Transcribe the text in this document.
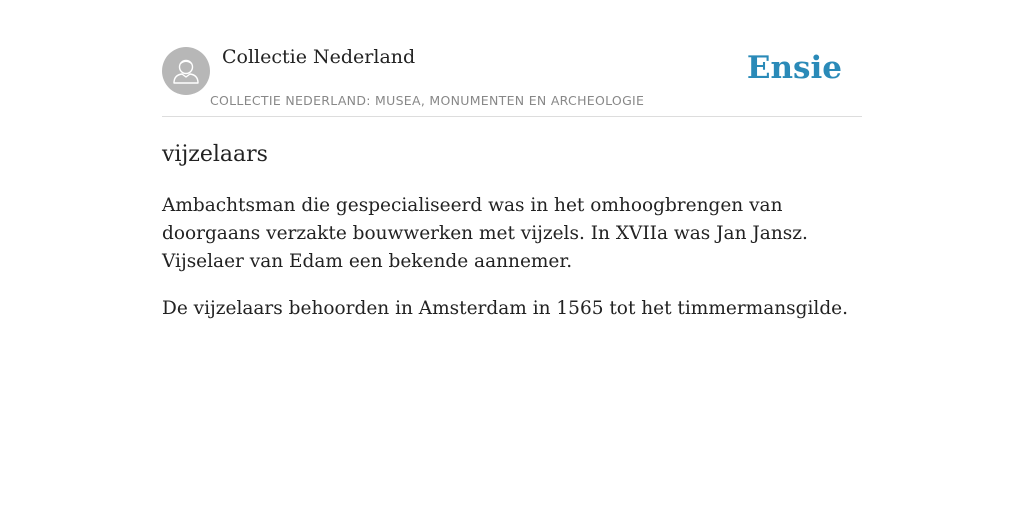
Collectie Nederland
COLLECTIE NEDERLAND: MUSEA, MONUMENTEN EN ARCHEOLOGIE
Ensie
vijzelaars

Ambachtsman die gespecialiseerd was in het omhoogbrengen van doorgaans verzakte bouwwerken met vijzels. In XVIIa was Jan Jansz. Vijselaer van Edam een bekende aannemer.

De vijzelaars behoorden in Amsterdam in 1565 tot het timmermansgilde.
